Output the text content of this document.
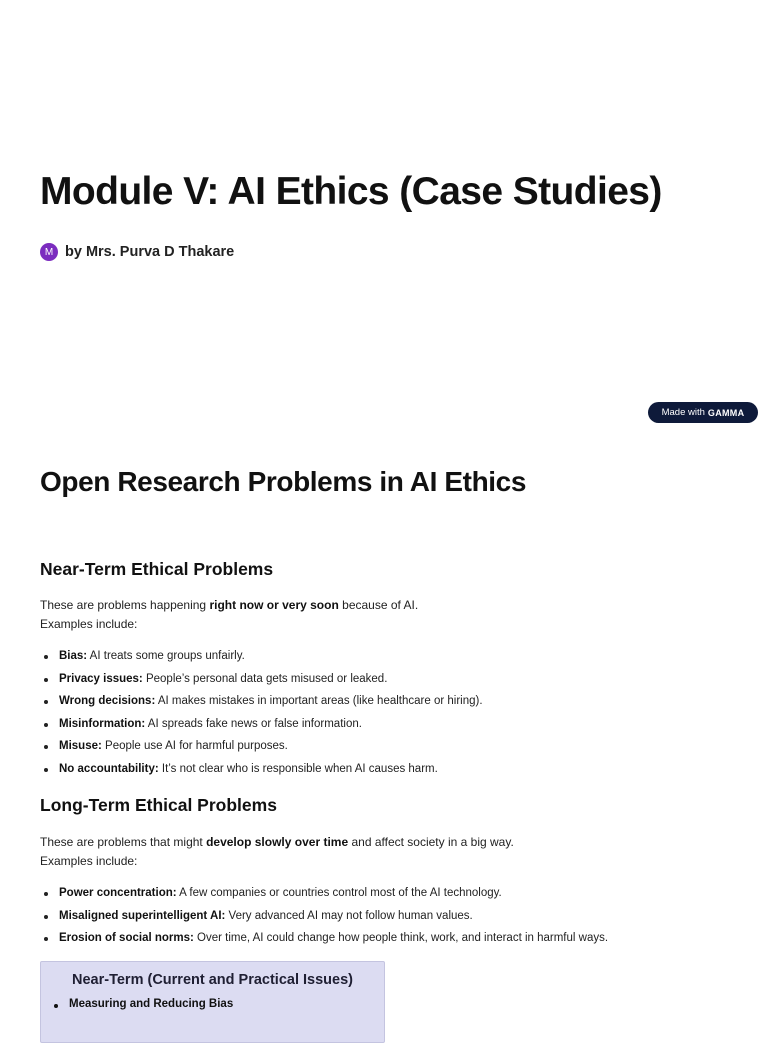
Module V: AI Ethics (Case Studies)
M by Mrs. Purva D Thakare
Made with GAMMA
Open Research Problems in AI Ethics
Near-Term Ethical Problems

These are problems happening right now or very soon because of AI.
Examples include:

Bias: AI treats some groups unfairly.
Privacy issues: People’s personal data gets misused or leaked.
Wrong decisions: AI makes mistakes in important areas (like healthcare or hiring).
Misinformation: AI spreads fake news or false information.
Misuse: People use AI for harmful purposes.
No accountability: It’s not clear who is responsible when AI causes harm.
Long-Term Ethical Problems

These are problems that might develop slowly over time and affect society in a big way.
Examples include:

Power concentration: A few companies or countries control most of the AI technology.
Misaligned superintelligent AI: Very advanced AI may not follow human values.
Erosion of social norms: Over time, AI could change how people think, work, and interact in harmful ways.
Near-Term (Current and Practical Issues)
Measuring and Reducing Bias
